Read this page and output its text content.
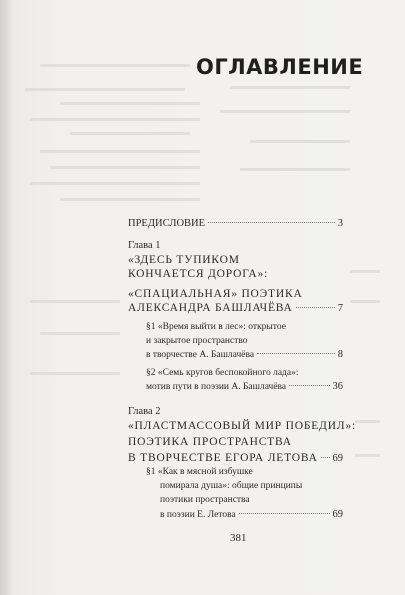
ОГЛАВЛЕНИЕ
ПРЕДИСЛОВИЕ	3
Глава 1
«ЗДЕСЬ ТУПИКОМ
КОНЧАЕТСЯ ДОРОГА»:
«СПАЦИАЛЬНАЯ» ПОЭТИКА
АЛЕКСАНДРА БАШЛАЧЁВА	7
§1 «Время выйти в лес»: открытое
и закрытое пространство
в творчестве А. Башлачёва	8
§2 «Семь кругов беспокойного лада»:
мотив пути в поэзии А. Башлачёва	36
Глава 2
«ПЛАСТМАССОВЫЙ МИР ПОБЕДИЛ»:
ПОЭТИКА ПРОСТРАНСТВА
В ТВОРЧЕСТВЕ ЕГОРА ЛЕТОВА 69
§1 «Как в мясной избушке
помирала душа»: общие принципы
поэтики пространства
в поэзии Е. Летова	69
381
